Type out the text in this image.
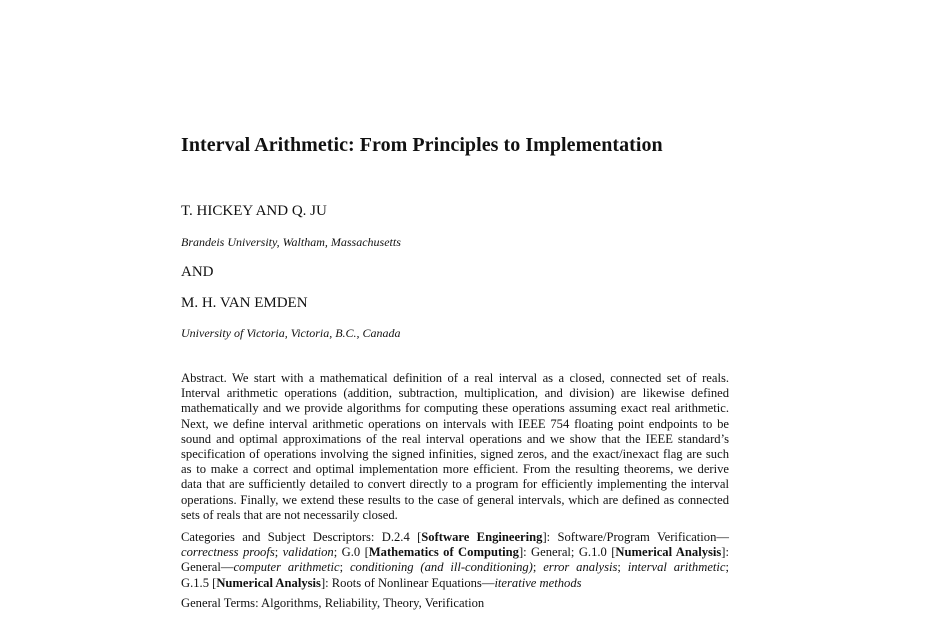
Interval Arithmetic: From Principles to Implementation
T. HICKEY AND Q. JU
Brandeis University, Waltham, Massachusetts
AND
M. H. VAN EMDEN
University of Victoria, Victoria, B.C., Canada
Abstract. We start with a mathematical definition of a real interval as a closed, connected set of reals. Interval arithmetic operations (addition, subtraction, multiplication, and division) are likewise defined mathematically and we provide algorithms for computing these operations assuming exact real arithmetic. Next, we define interval arithmetic operations on intervals with IEEE 754 floating point endpoints to be sound and optimal approximations of the real interval operations and we show that the IEEE standard’s specification of operations involving the signed infinities, signed zeros, and the exact/inexact flag are such as to make a correct and optimal implementation more efficient. From the resulting theorems, we derive data that are sufficiently detailed to convert directly to a program for efficiently implementing the interval operations. Finally, we extend these results to the case of general intervals, which are defined as connected sets of reals that are not necessarily closed.
Categories and Subject Descriptors: D.2.4 [Software Engineering]: Software/Program Verification—correctness proofs; validation; G.0 [Mathematics of Computing]: General; G.1.0 [Numerical Analysis]: General—computer arithmetic; conditioning (and ill-conditioning); error analysis; interval arithmetic; G.1.5 [Numerical Analysis]: Roots of Nonlinear Equations—iterative methods
General Terms: Algorithms, Reliability, Theory, Verification
